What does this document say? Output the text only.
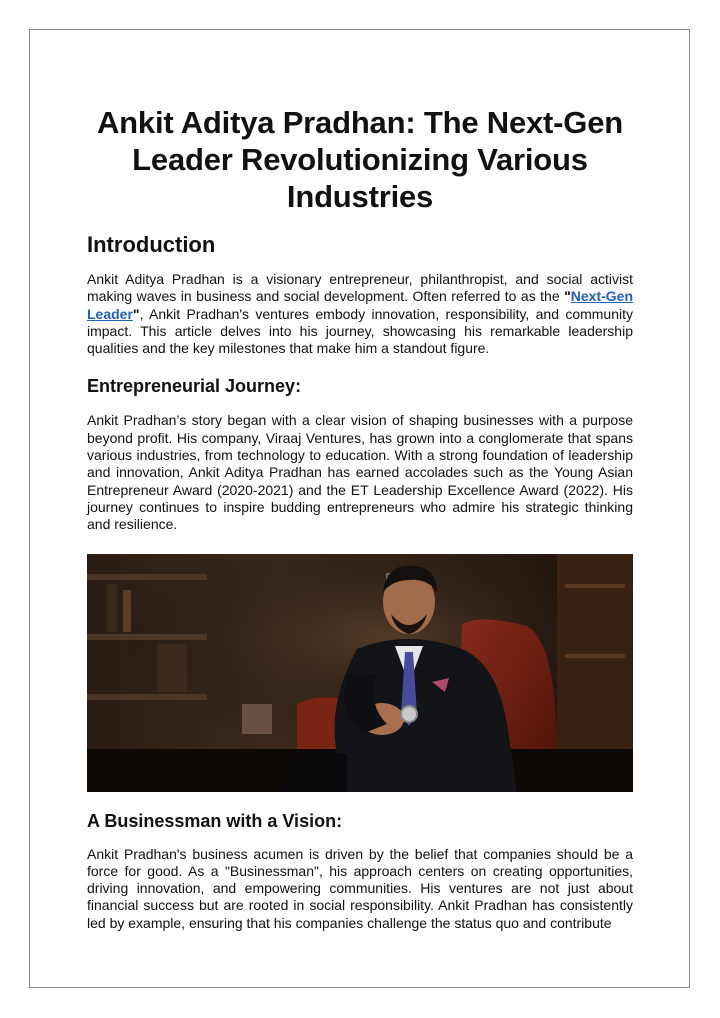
Ankit Aditya Pradhan: The Next-Gen Leader Revolutionizing Various Industries
Introduction

Ankit Aditya Pradhan is a visionary entrepreneur, philanthropist, and social activist making waves in business and social development. Often referred to as the "Next-Gen Leader", Ankit Pradhan's ventures embody innovation, responsibility, and community impact. This article delves into his journey, showcasing his remarkable leadership qualities and the key milestones that make him a standout figure.

Entrepreneurial Journey:

Ankit Pradhan’s story began with a clear vision of shaping businesses with a purpose beyond profit. His company, Viraaj Ventures, has grown into a conglomerate that spans various industries, from technology to education. With a strong foundation of leadership and innovation, Ankit Aditya Pradhan has earned accolades such as the Young Asian Entrepreneur Award (2020-2021) and the ET Leadership Excellence Award (2022). His journey continues to inspire budding entrepreneurs who admire his strategic thinking and resilience.

A Businessman with a Vision:

Ankit Pradhan's business acumen is driven by the belief that companies should be a force for good. As a "Businessman", his approach centers on creating opportunities, driving innovation, and empowering communities. His ventures are not just about financial success but are rooted in social responsibility. Ankit Pradhan has consistently led by example, ensuring that his companies challenge the status quo and contribute
